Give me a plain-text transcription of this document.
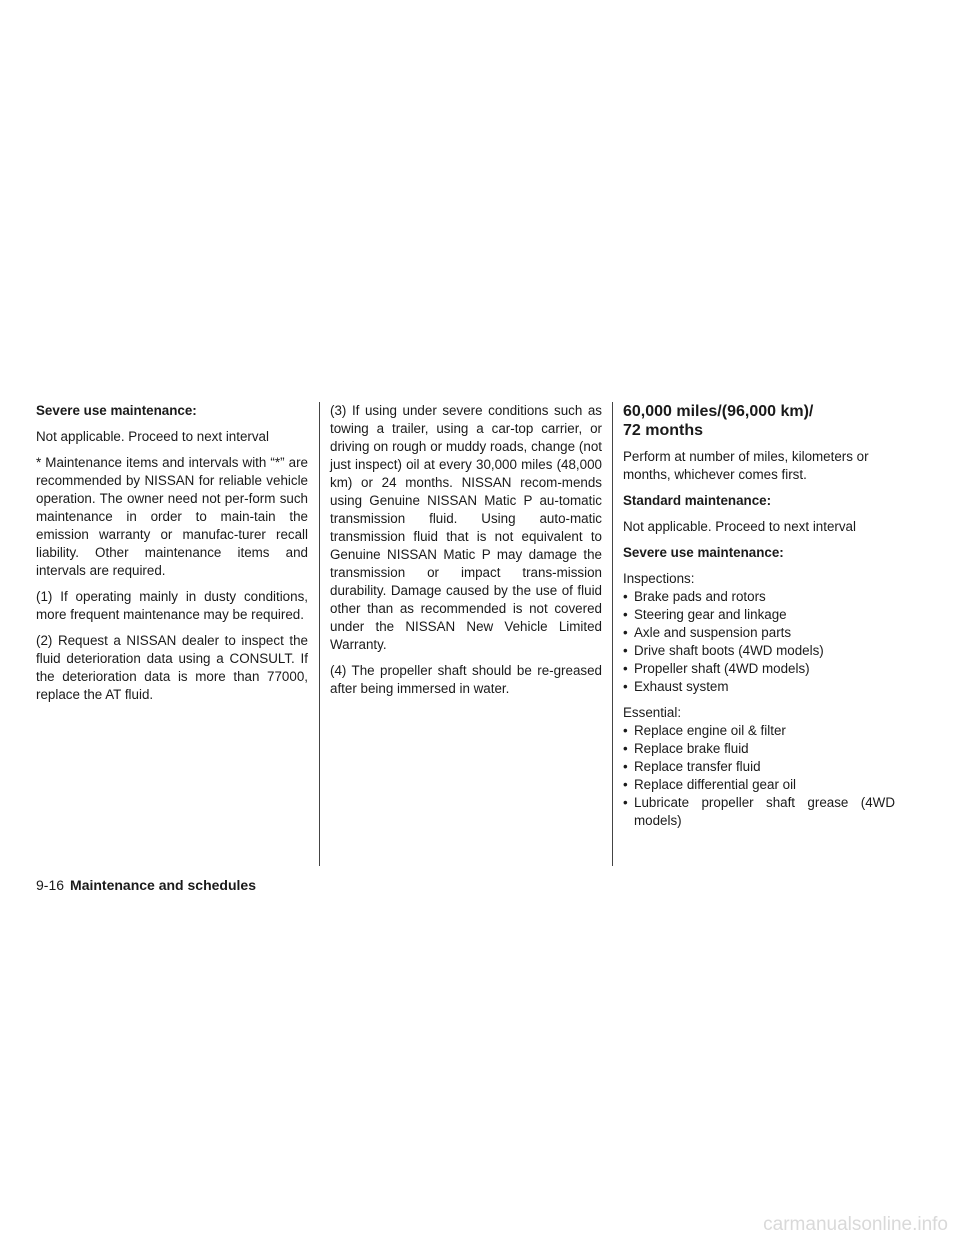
Severe use maintenance:

Not applicable. Proceed to next interval

* Maintenance items and intervals with “*” are recommended by NISSAN for reliable vehicle operation. The owner need not per-form such maintenance in order to main-tain the emission warranty or manufac-turer recall liability. Other maintenance items and intervals are required.

(1) If operating mainly in dusty conditions, more frequent maintenance may be required.

(2) Request a NISSAN dealer to inspect the fluid deterioration data using a CONSULT. If the deterioration data is more than 77000, replace the AT fluid.

(3) If using under severe conditions such as towing a trailer, using a car-top carrier, or driving on rough or muddy roads, change (not just inspect) oil at every 30,000 miles (48,000 km) or 24 months. NISSAN recom-mends using Genuine NISSAN Matic P au-tomatic transmission fluid. Using auto-matic transmission fluid that is not equivalent to Genuine NISSAN Matic P may damage the transmission or impact trans-mission durability. Damage caused by the use of fluid other than as recommended is not covered under the NISSAN New Vehicle Limited Warranty.

(4) The propeller shaft should be re-greased after being immersed in water.

60,000 miles/(96,000 km)/
72 months

Perform at number of miles, kilometers or months, whichever comes first.

Standard maintenance:

Not applicable. Proceed to next interval

Severe use maintenance:

Inspections:

• Brake pads and rotors
• Steering gear and linkage
• Axle and suspension parts
• Drive shaft boots (4WD models)
• Propeller shaft (4WD models)
• Exhaust system

Essential:

• Replace engine oil & filter
• Replace brake fluid
• Replace transfer fluid
• Replace differential gear oil
• Lubricate propeller shaft grease (4WD models)
9-16 Maintenance and schedules
carmanualsonline.info
